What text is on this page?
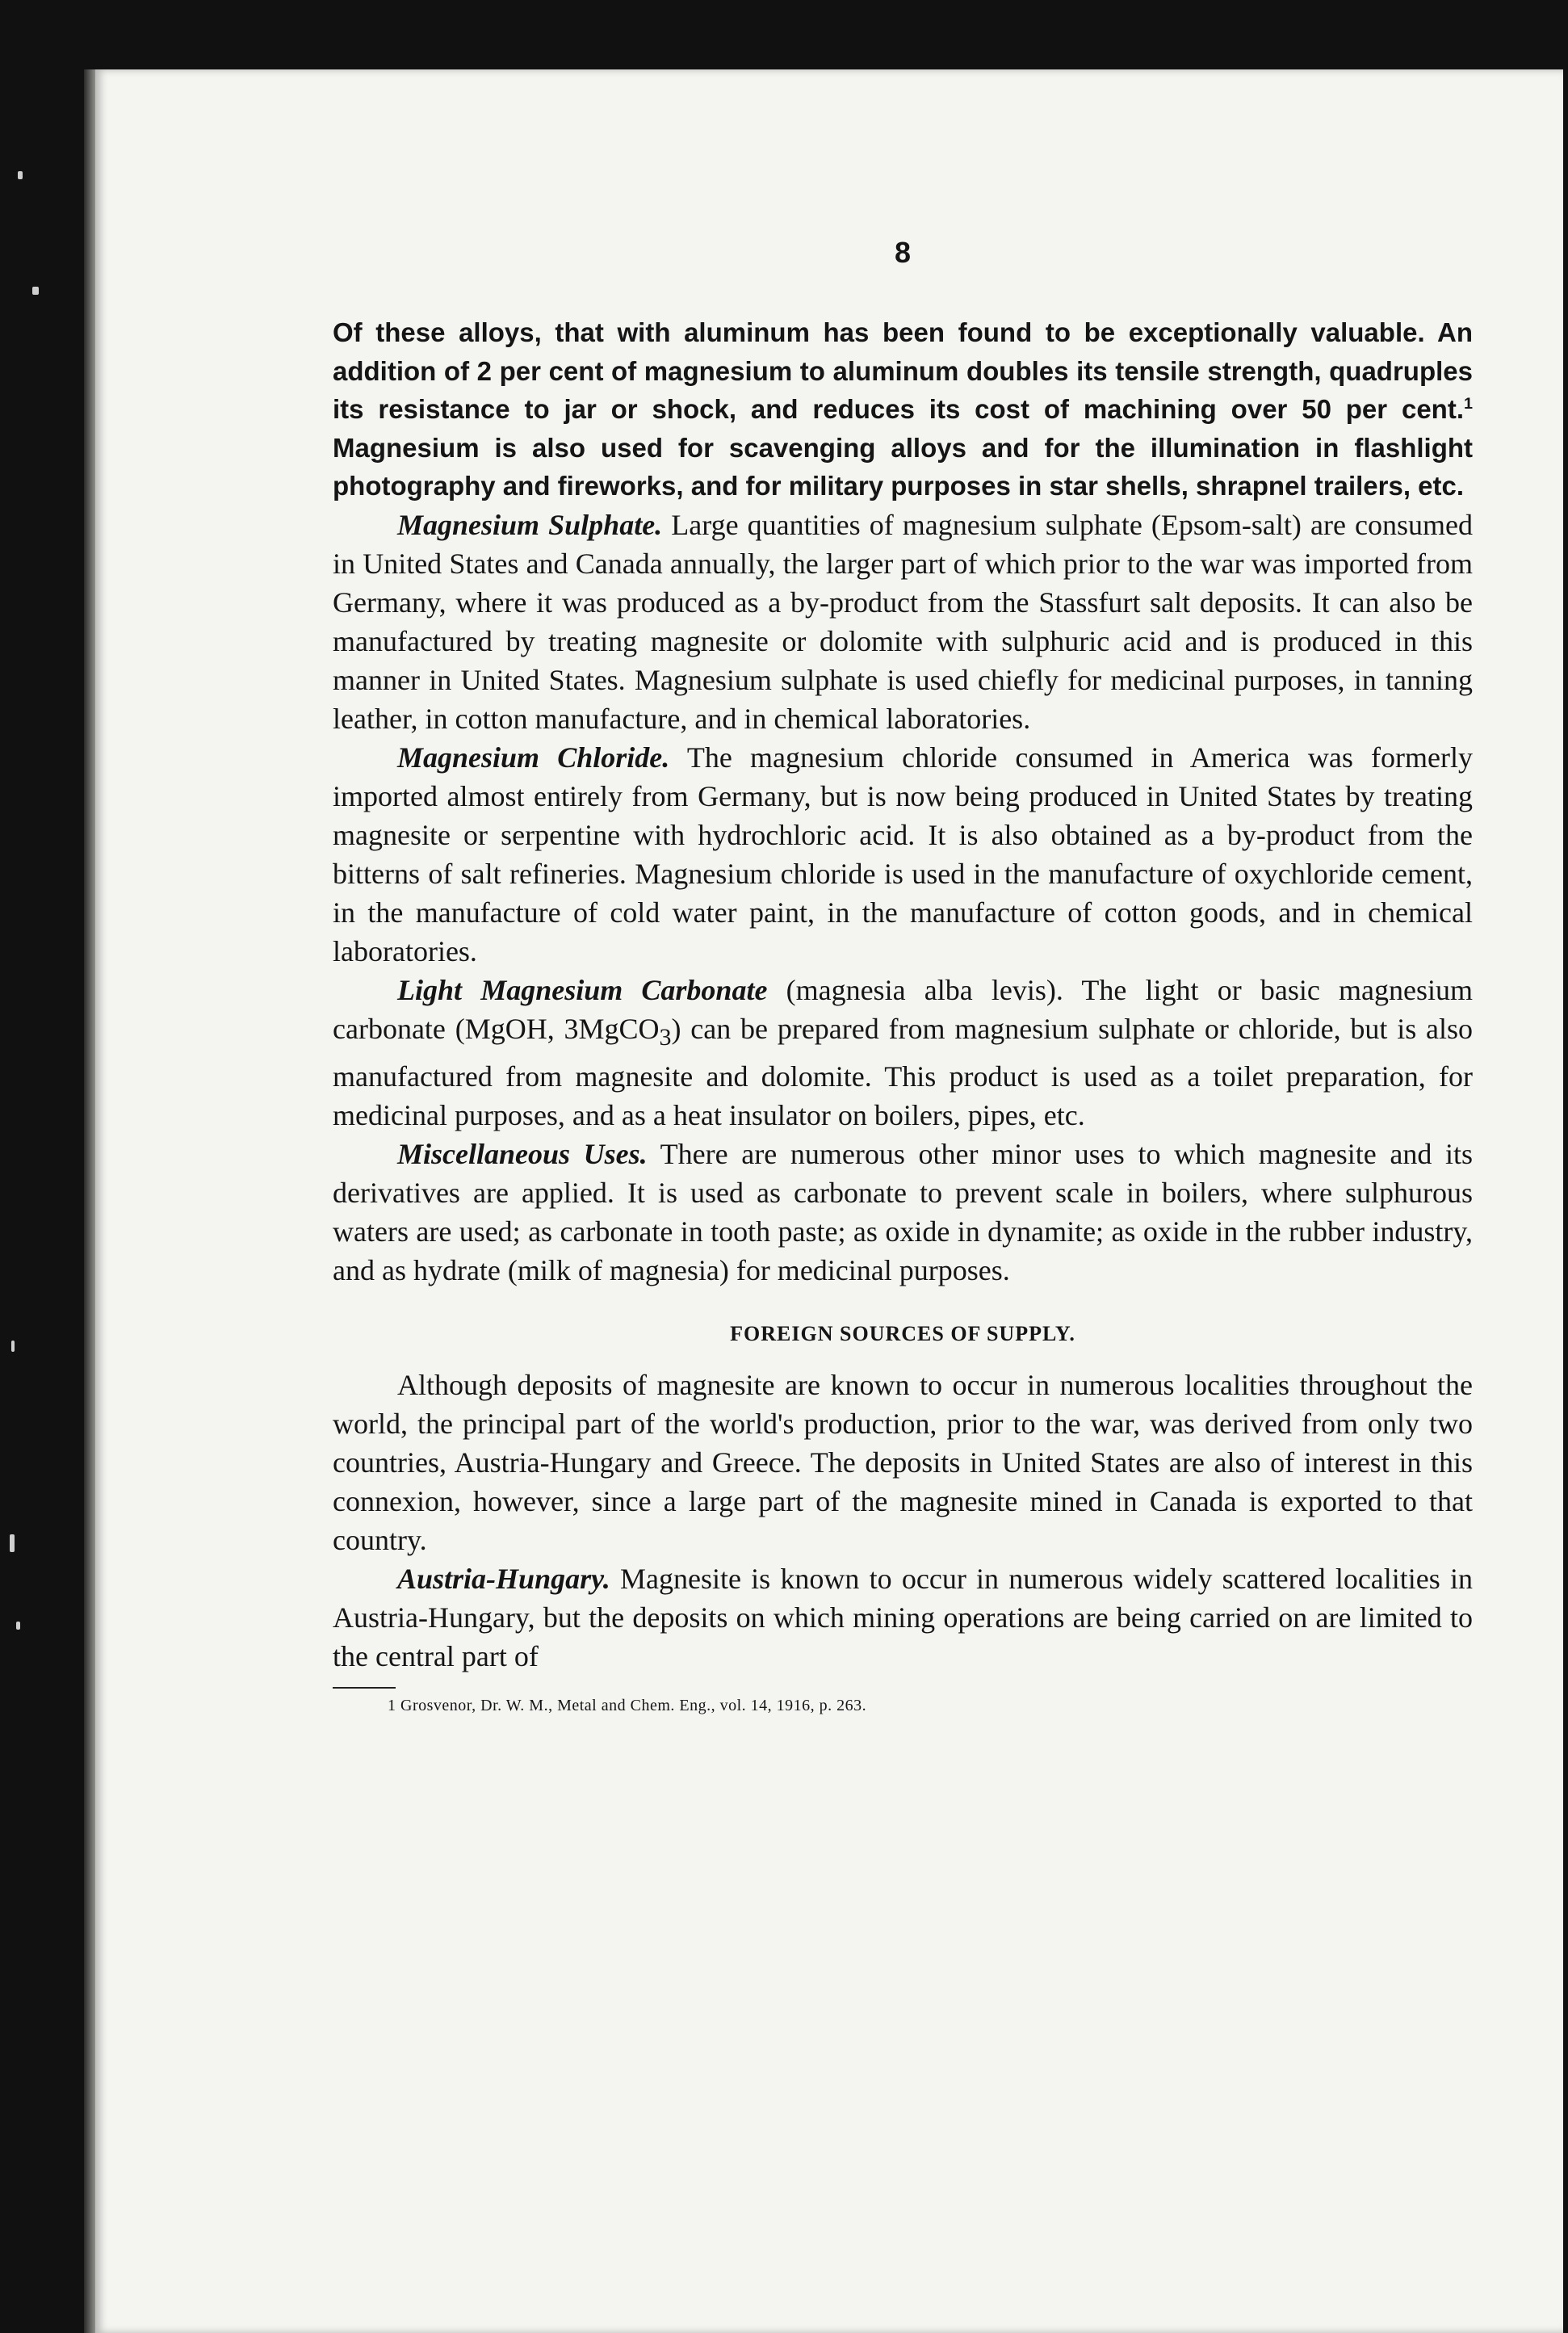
8

Of these alloys, that with aluminum has been found to be exceptionally valuable. An addition of 2 per cent of magnesium to aluminum doubles its tensile strength, quadruples its resistance to jar or shock, and reduces its cost of machining over 50 per cent.$^1$ Magnesium is also used for scavenging alloys and for the illumination in flashlight photography and fireworks, and for military purposes in star shells, shrapnel trailers, etc.

Magnesium Sulphate. Large quantities of magnesium sulphate (Epsom-salt) are consumed in United States and Canada annually, the larger part of which prior to the war was imported from Germany, where it was produced as a by-product from the Stassfurt salt deposits. It can also be manufactured by treating magnesite or dolomite with sulphuric acid and is produced in this manner in United States. Magnesium sulphate is used chiefly for medicinal purposes, in tanning leather, in cotton manufacture, and in chemical laboratories.

Magnesium Chloride. The magnesium chloride consumed in America was formerly imported almost entirely from Germany, but is now being produced in United States by treating magnesite or serpentine with hydrochloric acid. It is also obtained as a by-product from the bitterns of salt refineries. Magnesium chloride is used in the manufacture of oxychloride cement, in the manufacture of cold water paint, in the manufacture of cotton goods, and in chemical laboratories.

Light Magnesium Carbonate (magnesia alba levis). The light or basic magnesium carbonate (MgOH, 3MgCO$_3$) can be prepared from magnesium sulphate or chloride, but is also manufactured from magnesite and dolomite. This product is used as a toilet preparation, for medicinal purposes, and as a heat insulator on boilers, pipes, etc.

Miscellaneous Uses. There are numerous other minor uses to which magnesite and its derivatives are applied. It is used as carbonate to prevent scale in boilers, where sulphurous waters are used; as carbonate in tooth paste; as oxide in dynamite; as oxide in the rubber industry, and as hydrate (milk of magnesia) for medicinal purposes.

FOREIGN SOURCES OF SUPPLY.

Although deposits of magnesite are known to occur in numerous localities throughout the world, the principal part of the world's production, prior to the war, was derived from only two countries, Austria-Hungary and Greece. The deposits in United States are also of interest in this connexion, however, since a large part of the magnesite mined in Canada is exported to that country.

Austria-Hungary. Magnesite is known to occur in numerous widely scattered localities in Austria-Hungary, but the deposits on which mining operations are being carried on are limited to the central part of

1 Grosvenor, Dr. W. M., Metal and Chem. Eng., vol. 14, 1916, p. 263.
